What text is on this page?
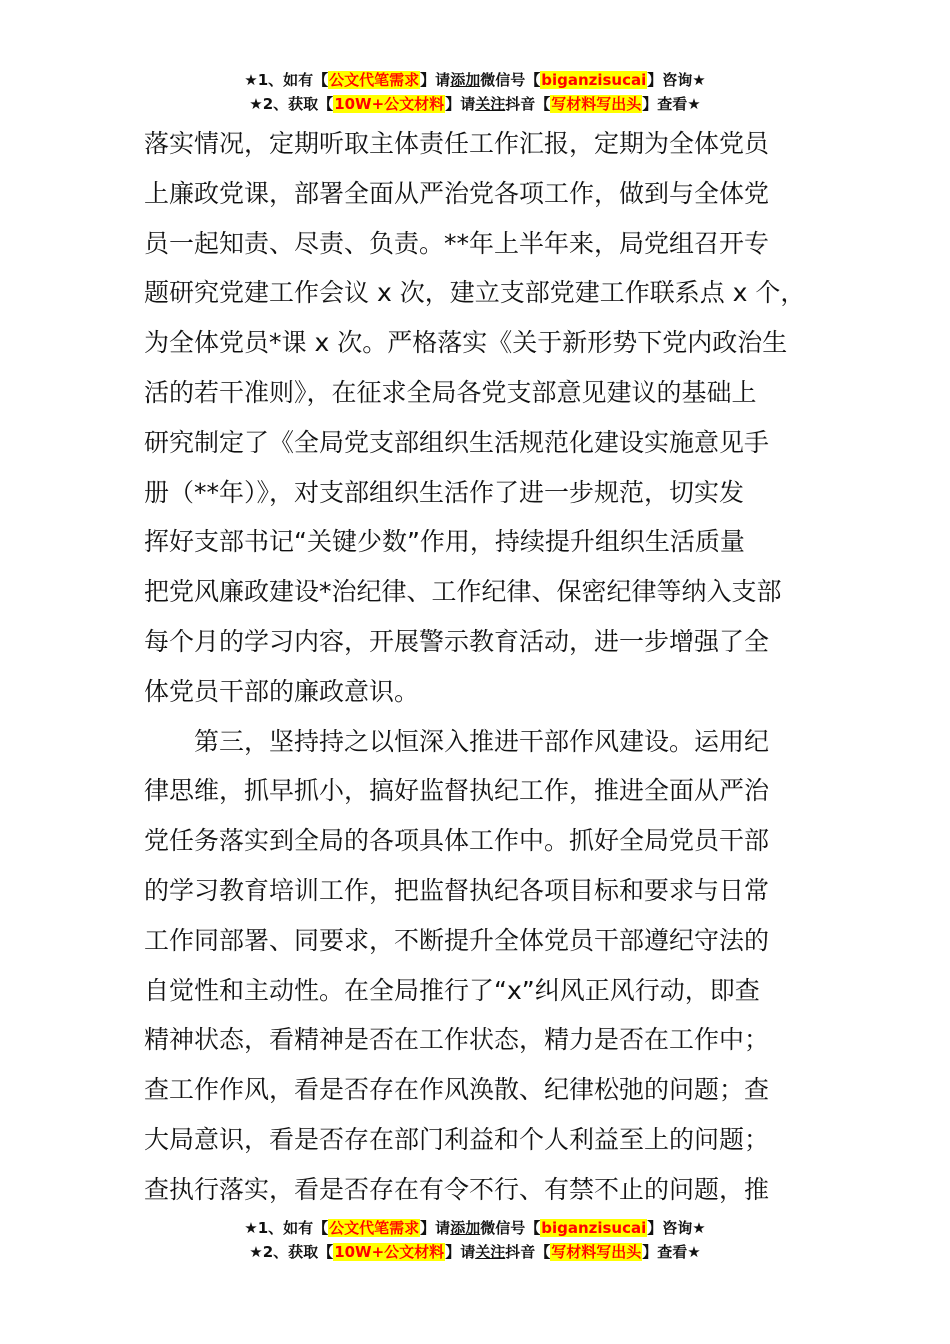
★1、如有【公文代笔需求】请添加微信号【biganzisucai】咨询★
★2、获取【10W+公文材料】请关注抖音【写材料写出头】查看★

落实情况，定期听取主体责任工作汇报，定期为全体党员

上廉政党课，部署全面从严治党各项工作，做到与全体党

员一起知责、尽责、负责。**年上半年来，局党组召开专

题研究党建工作会议 x 次，建立支部党建工作联系点 x 个，

为全体党员*课 x 次。严格落实《关于新形势下党内政治生

活的若干准则》，在征求全局各党支部意见建议的基础上

研究制定了《全局党支部组织生活规范化建设实施意见手

册（**年）》，对支部组织生活作了进一步规范，切实发

挥好支部书记“关键少数”作用，持续提升组织生活质量

把党风廉政建设*治纪律、工作纪律、保密纪律等纳入支部

每个月的学习内容，开展警示教育活动，进一步增强了全

体党员干部的廉政意识。

第三，坚持持之以恒深入推进干部作风建设。运用纪

律思维，抓早抓小，搞好监督执纪工作，推进全面从严治

党任务落实到全局的各项具体工作中。抓好全局党员干部

的学习教育培训工作，把监督执纪各项目标和要求与日常

工作同部署、同要求，不断提升全体党员干部遵纪守法的

自觉性和主动性。在全局推行了“x”纠风正风行动，即查

精神状态，看精神是否在工作状态，精力是否在工作中；

查工作作风，看是否存在作风涣散、纪律松弛的问题；查

大局意识，看是否存在部门利益和个人利益至上的问题；

查执行落实，看是否存在有令不行、有禁不止的问题，推

★1、如有【公文代笔需求】请添加微信号【biganzisucai】咨询★
★2、获取【10W+公文材料】请关注抖音【写材料写出头】查看★
